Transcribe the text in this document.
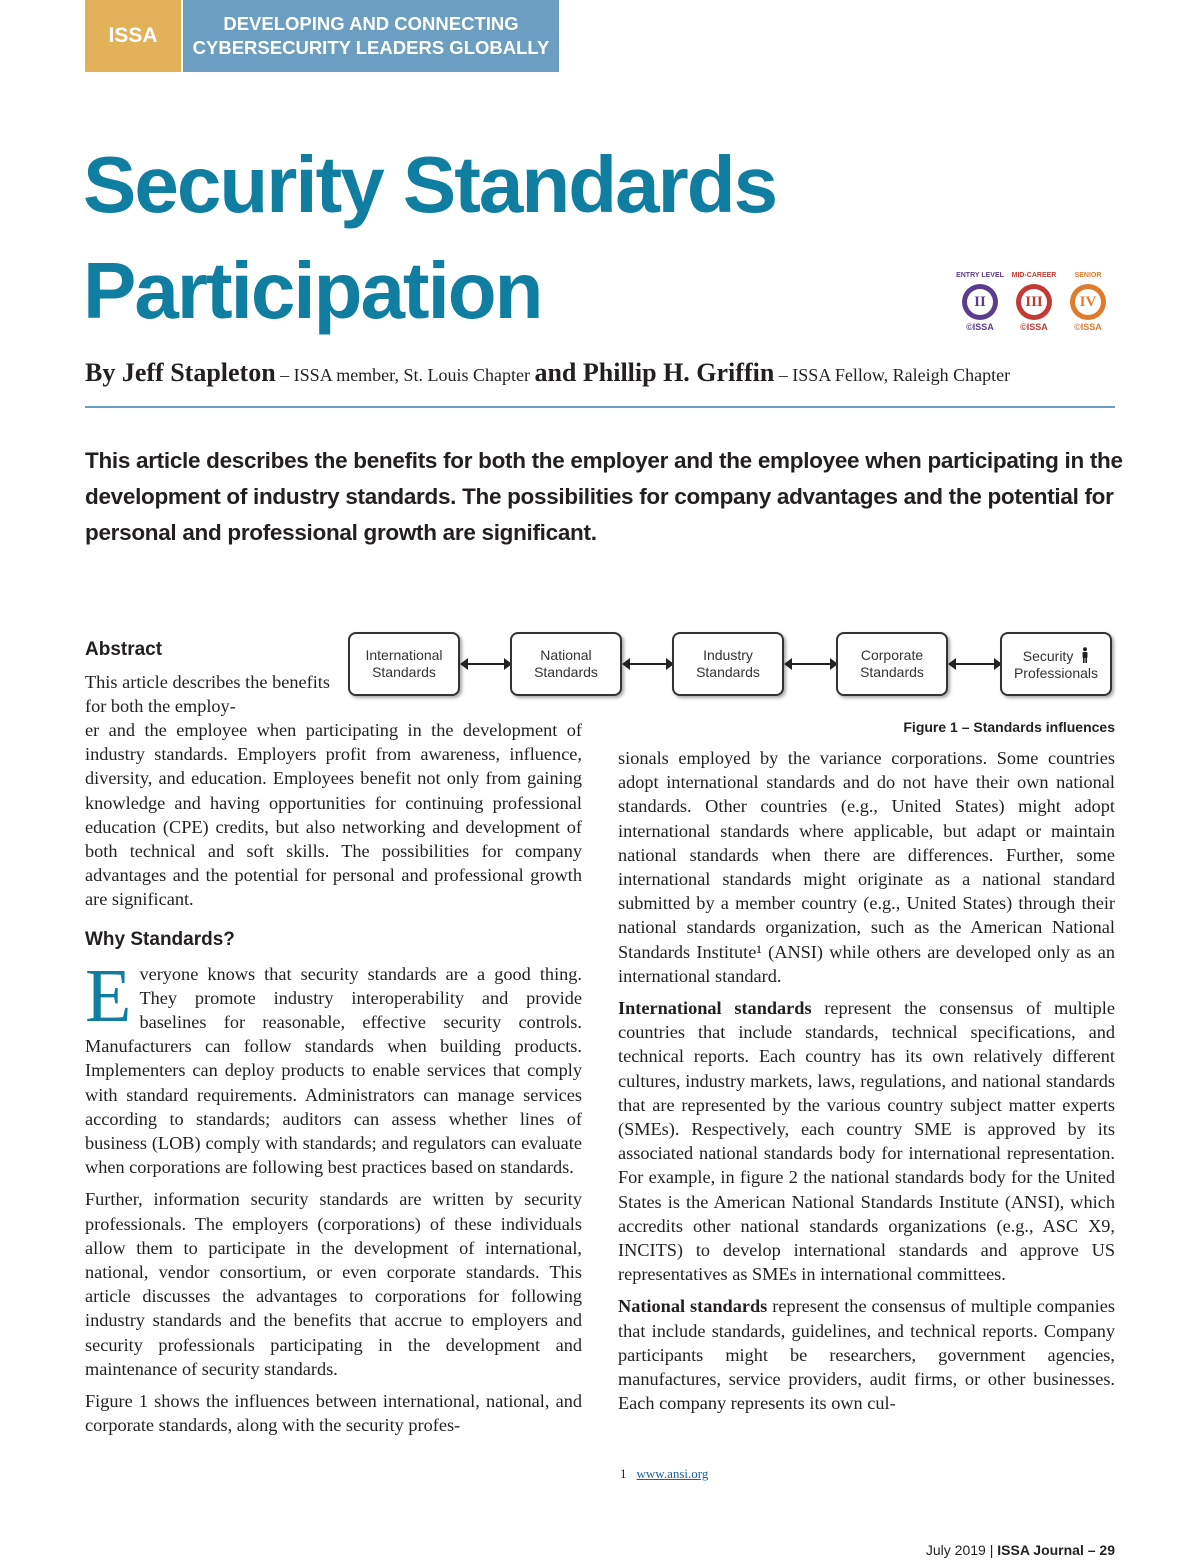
ISSA
DEVELOPING AND CONNECTING
CYBERSECURITY LEADERS GLOBALLY
Security Standards
Participation	ENTRY LEVEL
II
©ISSA
MID-CAREER
III
©ISSA
SENIOR
IV
©ISSA
By Jeff Stapleton – ISSA member, St. Louis Chapter and Phillip H. Griffin – ISSA Fellow, Raleigh Chapter
This article describes the benefits for both the employer and the employee when participating in the development of industry standards. The possibilities for company advantages and the potential for personal and professional growth are significant.
International
Standards
National
Standards
Industry
Standards
Corporate
Standards
Security
Professionals
Figure 1 – Standards influences
Abstract

This article describes the benefits for both the employ-

er and the employee when participating in the development of industry standards. Employers profit from awareness, influence, diversity, and education. Employees benefit not only from gaining knowledge and having opportunities for continuing professional education (CPE) credits, but also networking and development of both technical and soft skills. The possibilities for company advantages and the potential for personal and professional growth are significant.

Why Standards?

Everyone knows that security standards are a good thing. They promote industry interoperability and provide baselines for reasonable, effective security controls. Manufacturers can follow standards when building products. Implementers can deploy products to enable services that comply with standard requirements. Administrators can manage services according to standards; auditors can assess whether lines of business (LOB) comply with standards; and regulators can evaluate when corporations are following best practices based on standards.

Further, information security standards are written by security professionals. The employers (corporations) of these individuals allow them to participate in the development of international, national, vendor consortium, or even corporate standards. This article discusses the advantages to corporations for following industry standards and the benefits that accrue to employers and security professionals participating in the development and maintenance of security standards.

Figure 1 shows the influences between international, national, and corporate standards, along with the security profes-

sionals employed by the variance corporations. Some countries adopt international standards and do not have their own national standards. Other countries (e.g., United States) might adopt international standards where applicable, but adapt or maintain national standards when there are differences. Further, some international standards might originate as a national standard submitted by a member country (e.g., United States) through their national standards organization, such as the American National Standards Institute¹ (ANSI) while others are developed only as an international standard.

International standards represent the consensus of multiple countries that include standards, technical specifications, and technical reports. Each country has its own relatively different cultures, industry markets, laws, regulations, and national standards that are represented by the various country subject matter experts (SMEs). Respectively, each country SME is approved by its associated national standards body for international representation. For example, in figure 2 the national standards body for the United States is the American National Standards Institute (ANSI), which accredits other national standards organizations (e.g., ASC X9, INCITS) to develop international standards and approve US representatives as SMEs in international committees.

National standards represent the consensus of multiple companies that include standards, guidelines, and technical reports. Company participants might be researchers, government agencies, manufactures, service providers, audit firms, or other businesses. Each company represents its own cul-

1 www.ansi.org
July 2019 | ISSA Journal – 29
